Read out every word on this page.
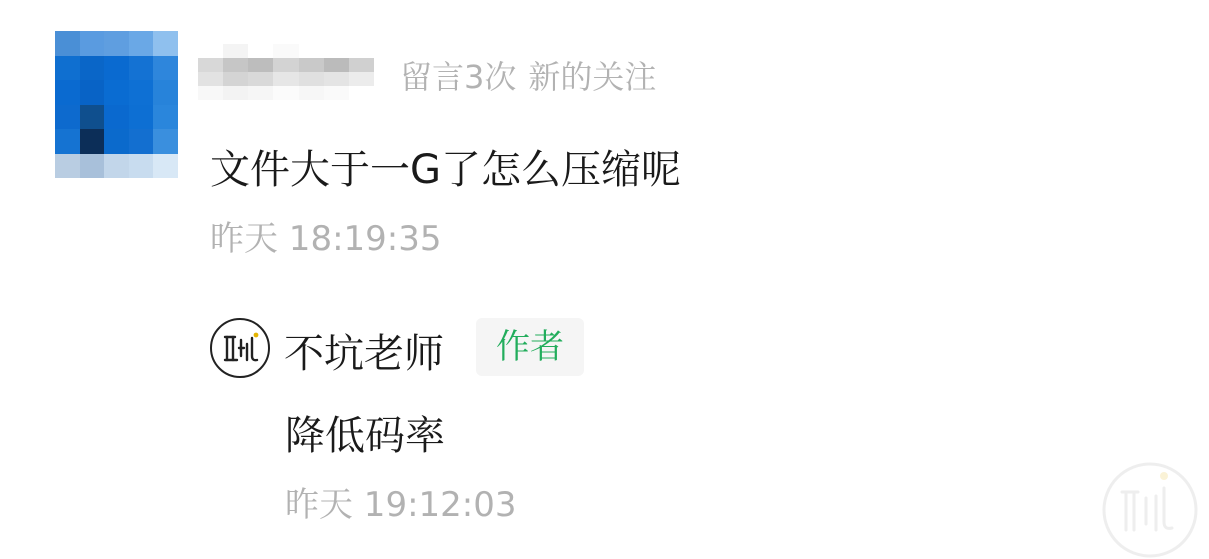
留言3次 新的关注
文件大于一G了怎么压缩呢
昨天 18:19:35
不坑老师	作者
降低码率
昨天 19:12:03
